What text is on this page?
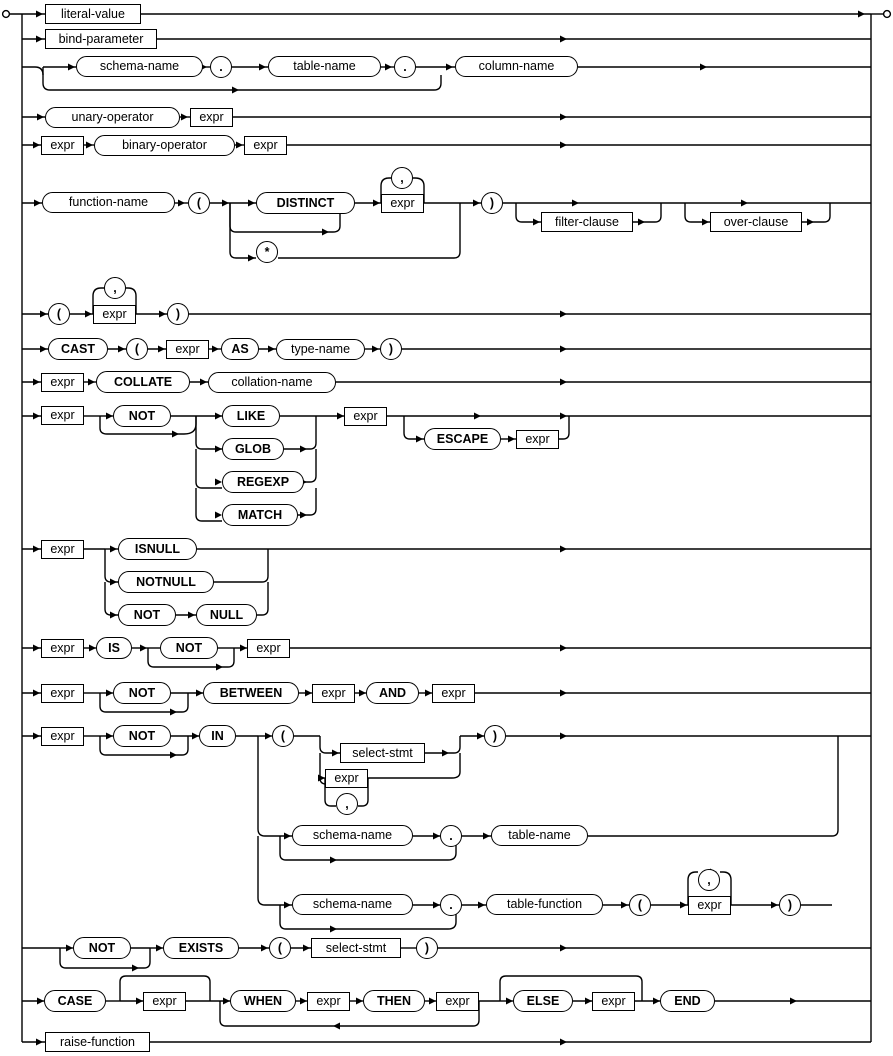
literal-value
bind-parameter
schema-name	.	table-name	.	column-name
unary-operator	expr
expr	binary-operator	expr
function-name	(	DISTINCT
,
expr
*
)
filter-clause	over-clause
(
,
expr	)
CAST	(	expr	AS	type-name	)
expr	COLLATE	collation-name
expr	NOT	LIKE
GLOB
REGEXP
MATCH
expr
ESCAPE	expr
expr	ISNULL
NOTNULL
NOT	NULL
expr	IS	NOT	expr
expr	NOT	BETWEEN	expr	AND	expr
expr	NOT	IN	(
select-stmt
expr
,
)
schema-name	.	table-name
schema-name	.	table-function	(
,
expr	)
NOT	EXISTS	(	select-stmt	)
CASE	expr	WHEN	expr	THEN	expr	ELSE	expr	END
raise-function
